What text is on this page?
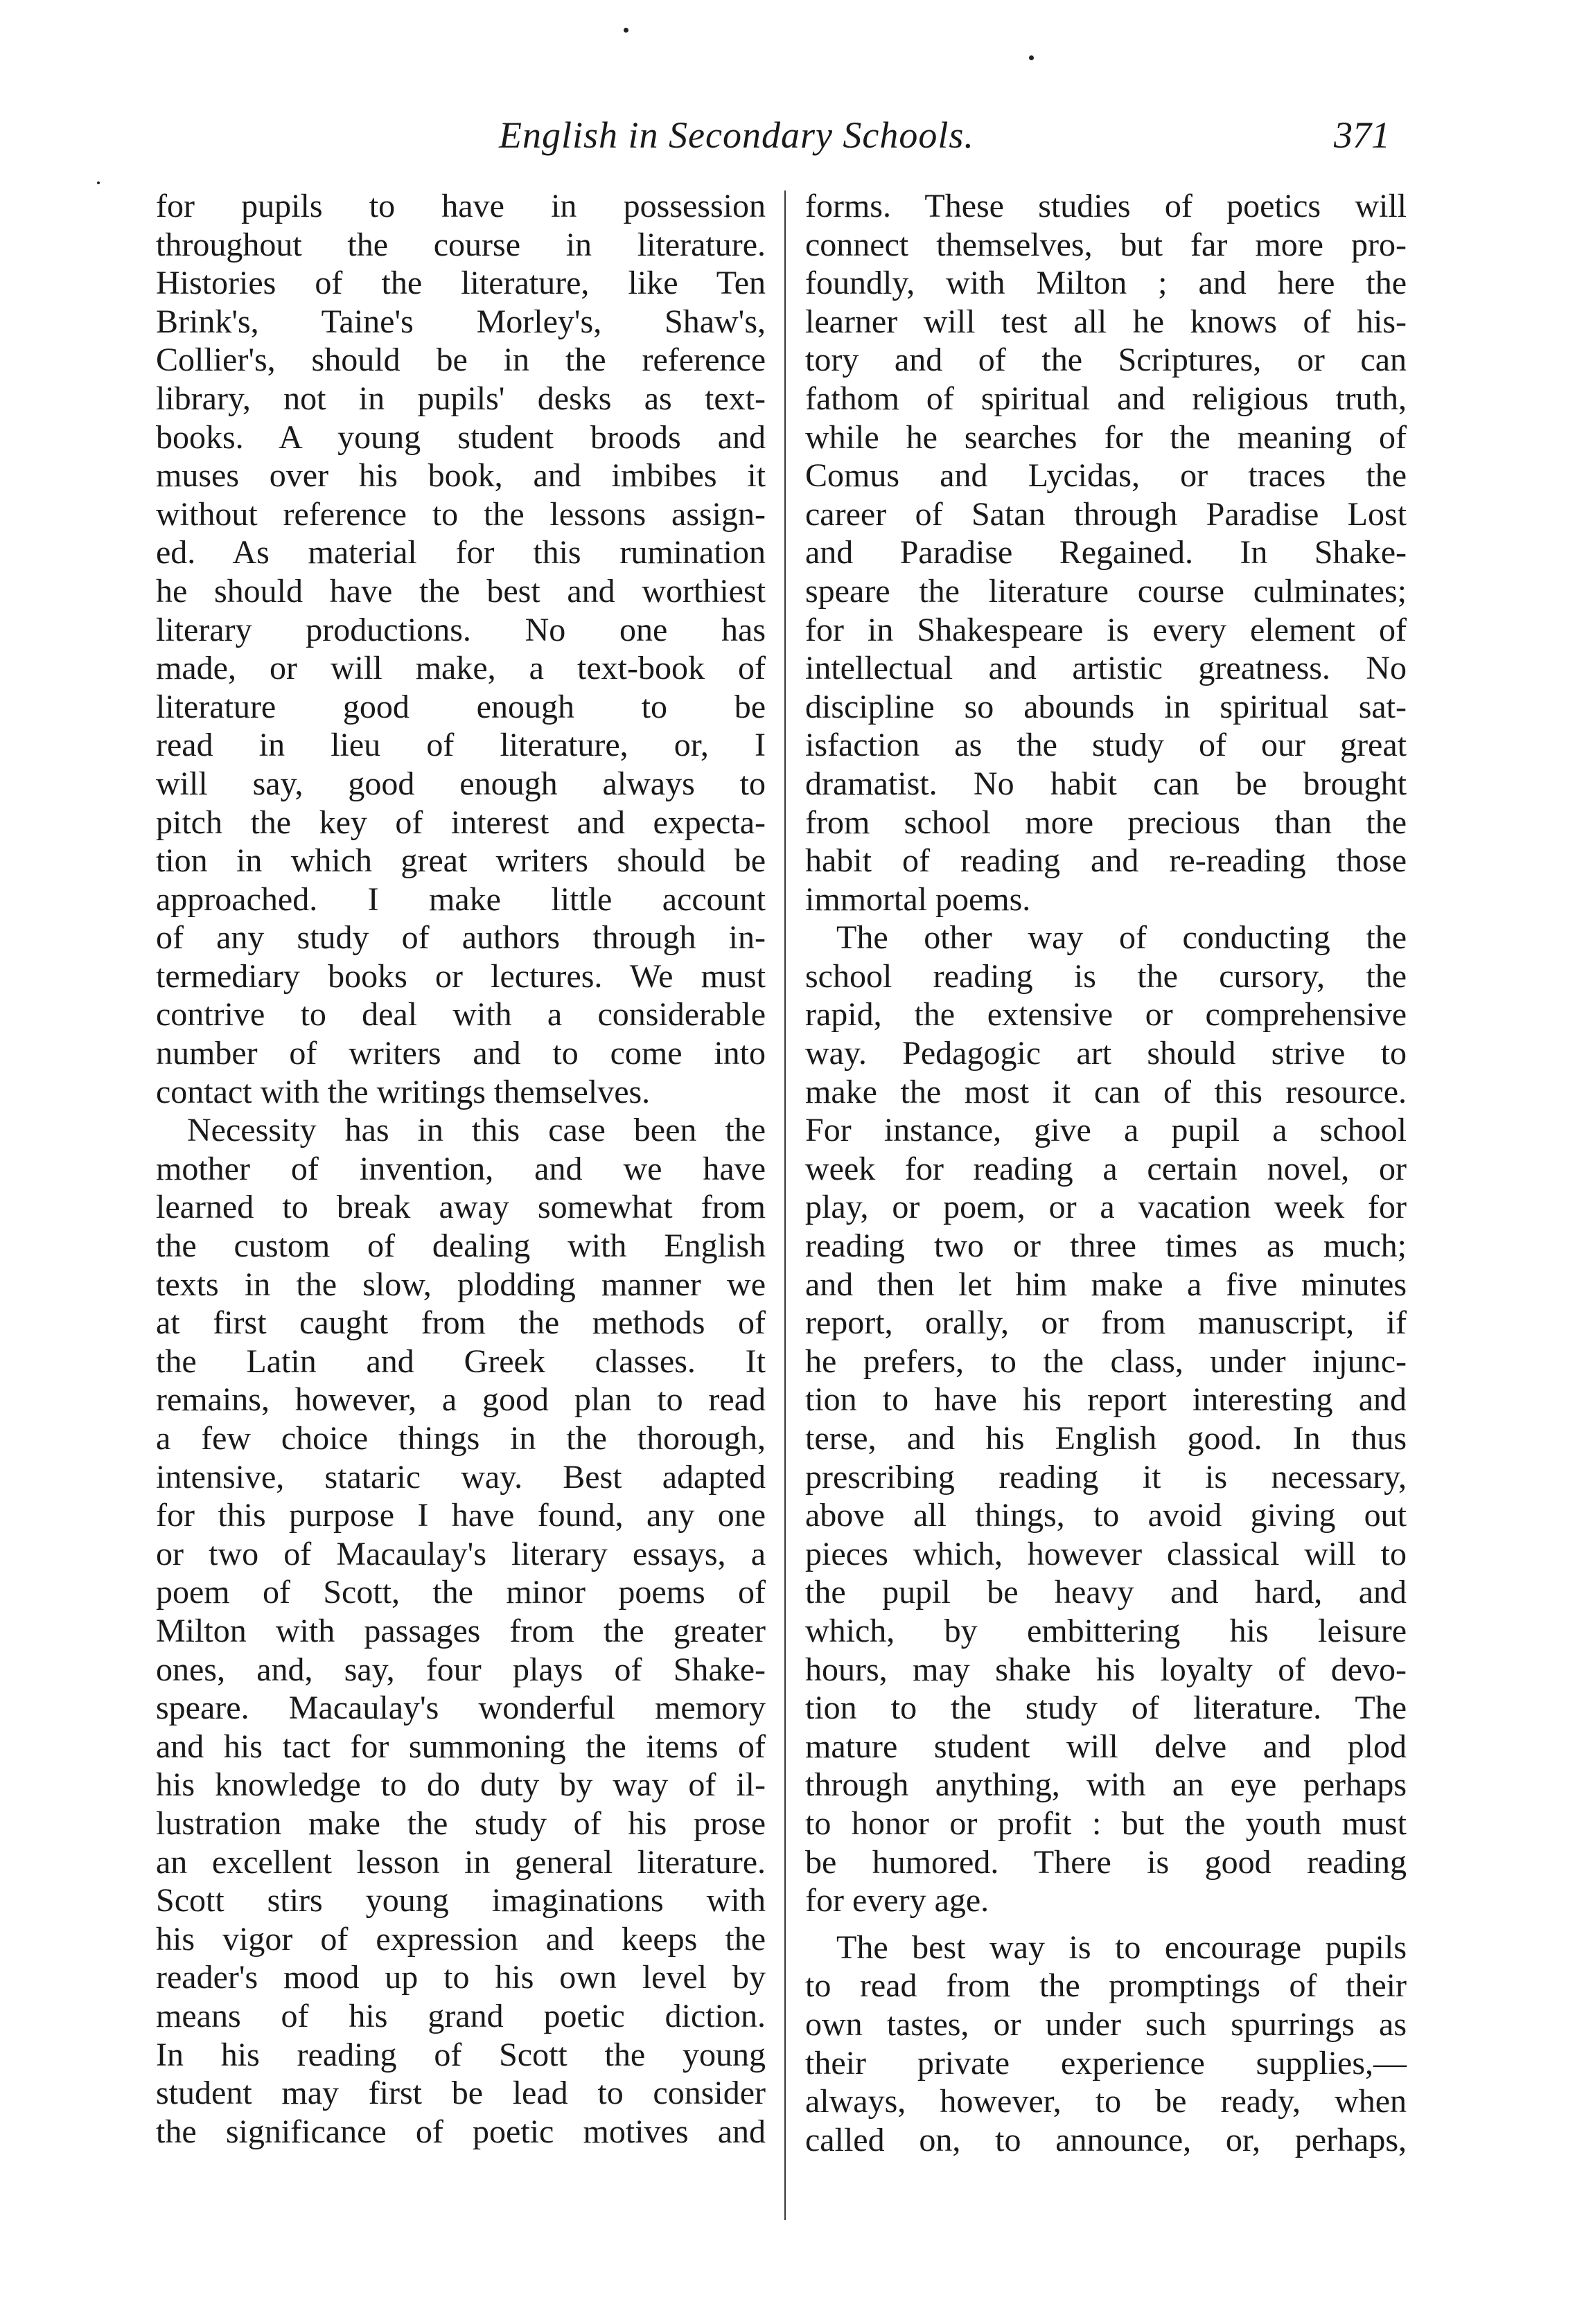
English in Secondary Schools.	371
for pupils to have in possession
throughout the course in literature.
Histories of the literature, like Ten
Brink's, Taine's Morley's, Shaw's,
Collier's, should be in the reference
library, not in pupils' desks as text-
books. A young student broods and
muses over his book, and imbibes it
without reference to the lessons assign-
ed. As material for this rumination
he should have the best and worthiest
literary productions. No one has
made, or will make, a text-book of
literature good enough to be
read in lieu of literature, or, I
will say, good enough always to
pitch the key of interest and expecta-
tion in which great writers should be
approached. I make little account
of any study of authors through in-
termediary books or lectures. We must
contrive to deal with a considerable
number of writers and to come into
contact with the writings themselves.
Necessity has in this case been the
mother of invention, and we have
learned to break away somewhat from
the custom of dealing with English
texts in the slow, plodding manner we
at first caught from the methods of
the Latin and Greek classes. It
remains, however, a good plan to read
a few choice things in the thorough,
intensive, stataric way. Best adapted
for this purpose I have found, any one
or two of Macaulay's literary essays, a
poem of Scott, the minor poems of
Milton with passages from the greater
ones, and, say, four plays of Shake-
speare. Macaulay's wonderful memory
and his tact for summoning the items of
his knowledge to do duty by way of il-
lustration make the study of his prose
an excellent lesson in general literature.
Scott stirs young imaginations with
his vigor of expression and keeps the
reader's mood up to his own level by
means of his grand poetic diction.
In his reading of Scott the young
student may first be lead to consider
the significance of poetic motives and
forms. These studies of poetics will
connect themselves, but far more pro-
foundly, with Milton ; and here the
learner will test all he knows of his-
tory and of the Scriptures, or can
fathom of spiritual and religious truth,
while he searches for the meaning of
Comus and Lycidas, or traces the
career of Satan through Paradise Lost
and Paradise Regained. In Shake-
speare the literature course culminates;
for in Shakespeare is every element of
intellectual and artistic greatness. No
discipline so abounds in spiritual sat-
isfaction as the study of our great
dramatist. No habit can be brought
from school more precious than the
habit of reading and re-reading those
immortal poems.
The other way of conducting the
school reading is the cursory, the
rapid, the extensive or comprehensive
way. Pedagogic art should strive to
make the most it can of this resource.
For instance, give a pupil a school
week for reading a certain novel, or
play, or poem, or a vacation week for
reading two or three times as much;
and then let him make a five minutes
report, orally, or from manuscript, if
he prefers, to the class, under injunc-
tion to have his report interesting and
terse, and his English good. In thus
prescribing reading it is necessary,
above all things, to avoid giving out
pieces which, however classical will to
the pupil be heavy and hard, and
which, by embittering his leisure
hours, may shake his loyalty of devo-
tion to the study of literature. The
mature student will delve and plod
through anything, with an eye perhaps
to honor or profit : but the youth must
be humored. There is good reading
for every age.
The best way is to encourage pupils
to read from the promptings of their
own tastes, or under such spurrings as
their private experience supplies,—
always, however, to be ready, when
called on, to announce, or, perhaps,
